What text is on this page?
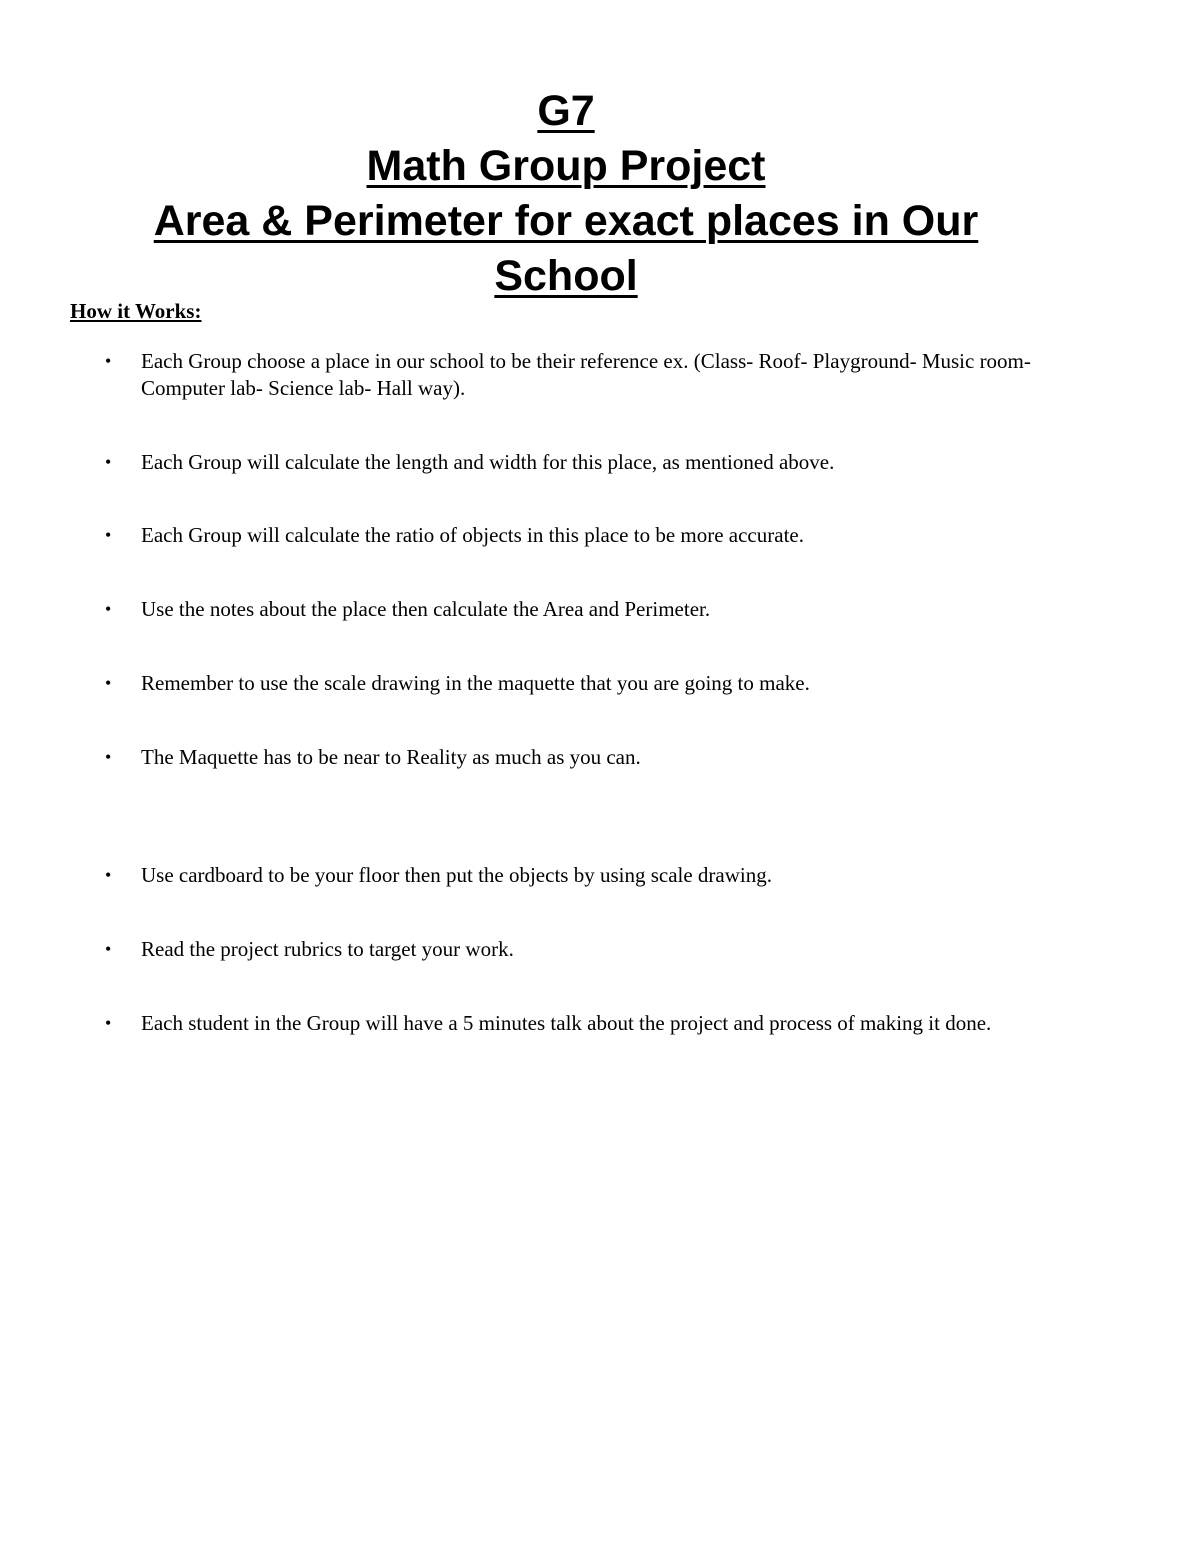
G7
Math Group Project
Area & Perimeter for exact places in Our
School
How it Works:
• Each Group choose a place in our school to be their reference ex. (Class- Roof- Playground- Music room- Computer lab- Science lab- Hall way).
• Each Group will calculate the length and width for this place, as mentioned above.
• Each Group will calculate the ratio of objects in this place to be more accurate.
• Use the notes about the place then calculate the Area and Perimeter.
• Remember to use the scale drawing in the maquette that you are going to make.
• The Maquette has to be near to Reality as much as you can.
• Use cardboard to be your floor then put the objects by using scale drawing.
• Read the project rubrics to target your work.
• Each student in the Group will have a 5 minutes talk about the project and process of making it done.
